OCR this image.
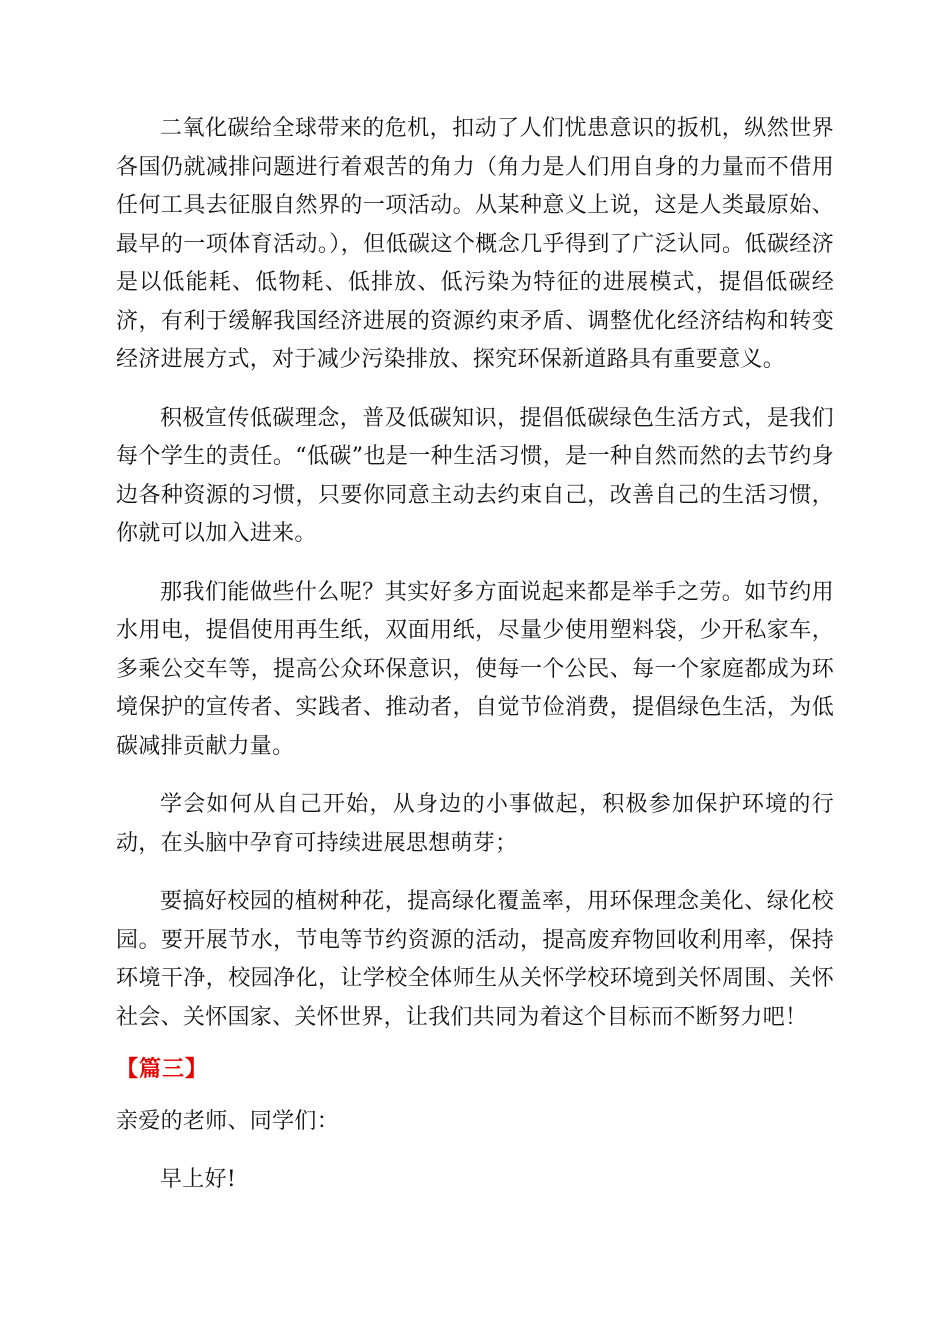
二氧化碳给全球带来的危机，扣动了人们忧患意识的扳机，纵然世界各国仍就减排问题进行着艰苦的角力（角力是人们用自身的力量而不借用任何工具去征服自然界的一项活动。从某种意义上说，这是人类最原始、最早的一项体育活动。），但低碳这个概念几乎得到了广泛认同。低碳经济是以低能耗、低物耗、低排放、低污染为特征的进展模式，提倡低碳经济，有利于缓解我国经济进展的资源约束矛盾、调整优化经济结构和转变经济进展方式，对于减少污染排放、探究环保新道路具有重要意义。

积极宣传低碳理念，普及低碳知识，提倡低碳绿色生活方式，是我们每个学生的责任。“低碳”也是一种生活习惯，是一种自然而然的去节约身边各种资源的习惯，只要你同意主动去约束自己，改善自己的生活习惯，你就可以加入进来。

那我们能做些什么呢？其实好多方面说起来都是举手之劳。如节约用水用电，提倡使用再生纸，双面用纸，尽量少使用塑料袋，少开私家车，多乘公交车等，提高公众环保意识，使每一个公民、每一个家庭都成为环境保护的宣传者、实践者、推动者，自觉节俭消费，提倡绿色生活，为低碳减排贡献力量。

学会如何从自己开始，从身边的小事做起，积极参加保护环境的行动，在头脑中孕育可持续进展思想萌芽；

要搞好校园的植树种花，提高绿化覆盖率，用环保理念美化、绿化校园。要开展节水，节电等节约资源的活动，提高废弃物回收利用率，保持环境干净，校园净化，让学校全体师生从关怀学校环境到关怀周围、关怀社会、关怀国家、关怀世界，让我们共同为着这个目标而不断努力吧！

【篇三】

亲爱的老师、同学们：

早上好!
